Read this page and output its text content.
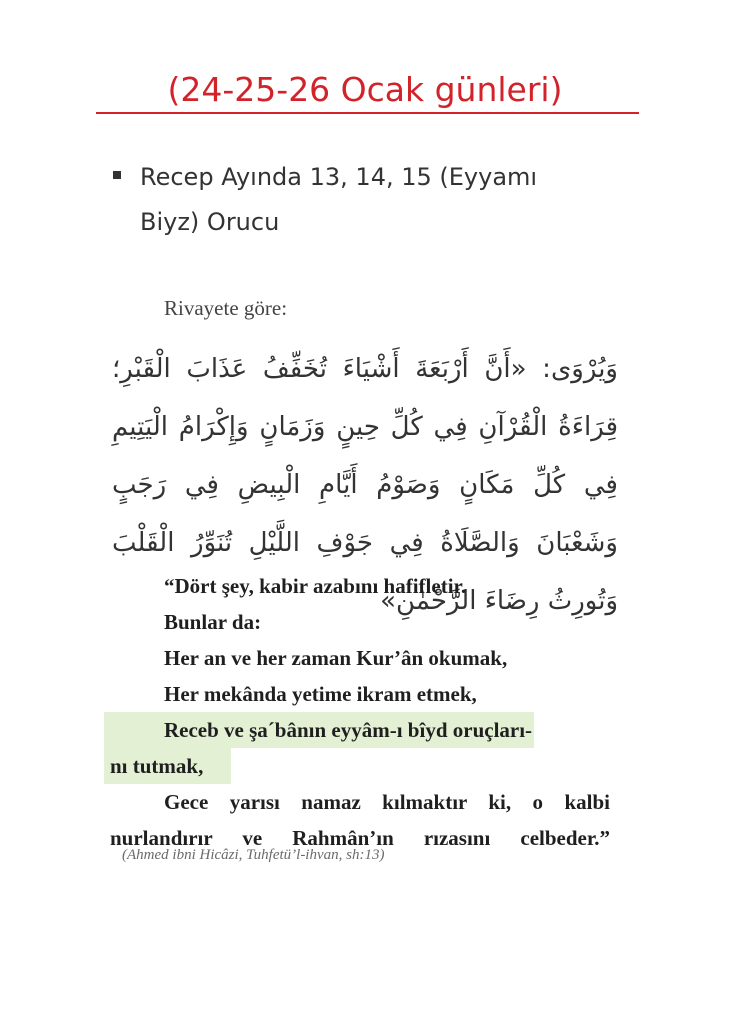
(24-25-26 Ocak günleri)
Recep Ayında 13, 14, 15 (Eyyamı
Biyz) Orucu
Rivayete göre:
وَيُرْوَى: «أَنَّ أَرْبَعَةَ أَشْيَاءَ تُخَفِّفُ عَذَابَ الْقَبْرِ؛ قِرَاءَةُ الْقُرْآنِ فِي كُلِّ حِينٍ وَزَمَانٍ وَإِكْرَامُ الْيَتِيمِ فِي كُلِّ مَكَانٍ وَصَوْمُ أَيَّامِ الْبِيضِ فِي رَجَبٍ وَشَعْبَانَ وَالصَّلَاةُ فِي جَوْفِ اللَّيْلِ تُنَوِّرُ الْقَلْبَ وَتُورِثُ رِضَاءَ الرَّحْمٰنِ»
“Dört şey, kabir azabını hafifletir.
Bunlar da:
Her an ve her zaman Kur’ân okumak,
Her mekânda yetime ikram etmek,
Receb ve şa´bânın eyyâm-ı bîyd oruçları-
nı tutmak,
Gece yarısı namaz kılmaktır ki, o kalbi
nurlandırır ve Rahmân’ın rızasını celbeder.”
(Ahmed ibni Hicâzi, Tuhfetü’l-ihvan, sh:13)
